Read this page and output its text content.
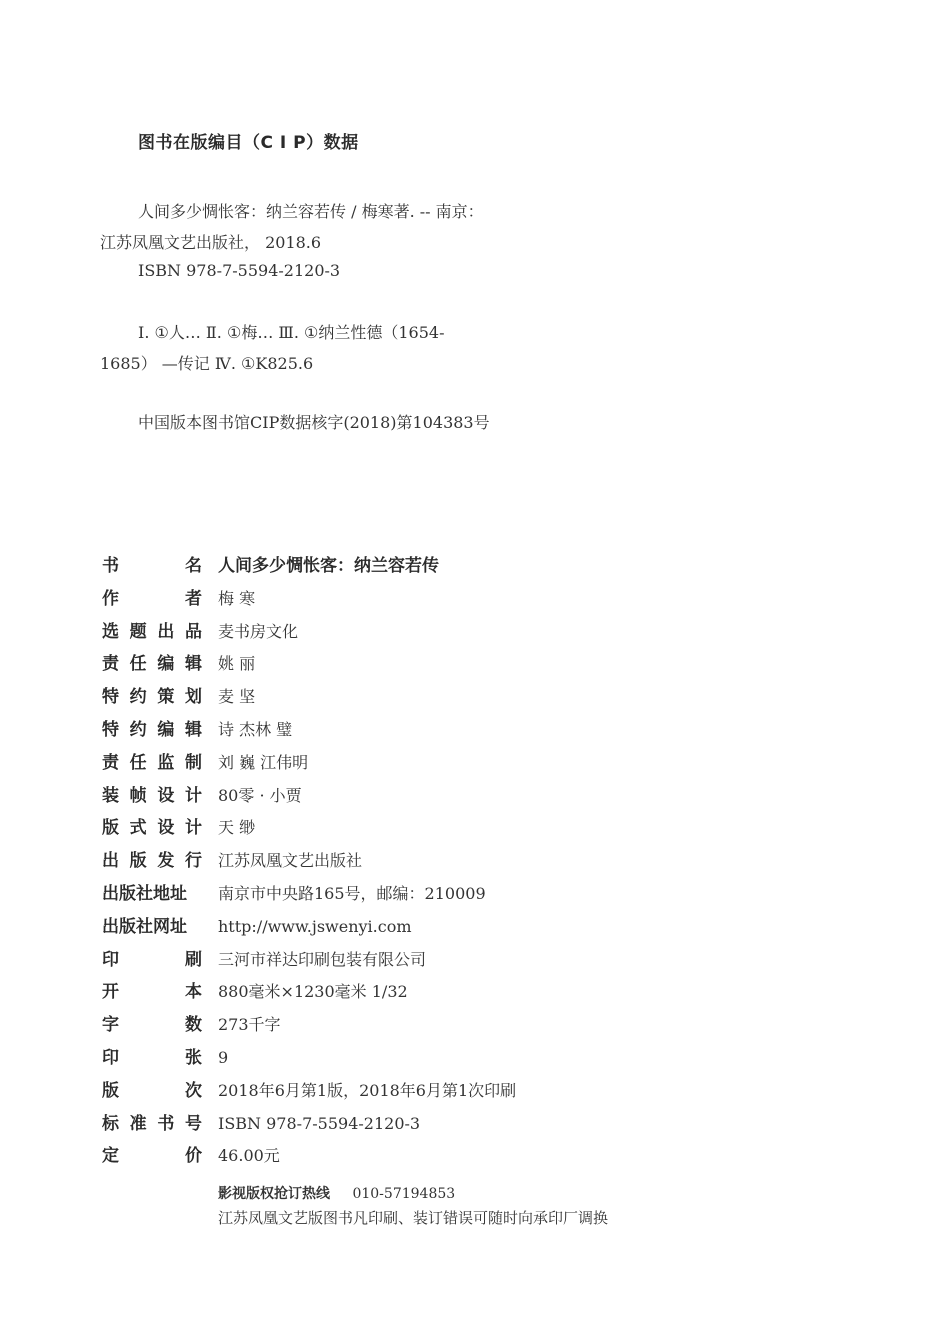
图书在版编目（C I P）数据
人间多少惆怅客：纳兰容若传 / 梅寒著. -- 南京：
江苏凤凰文艺出版社， 2018.6
ISBN 978-7-5594-2120-3
Ⅰ. ①人… Ⅱ. ①梅… Ⅲ. ①纳兰性德（1654-
1685） —传记 Ⅳ. ①K825.6
中国版本图书馆CIP数据核字(2018)第104383号
书	名 人间多少惆怅客：纳兰容若传
作	者 梅 寒
选 题 出 品 麦书房文化
责 任 编 辑 姚 丽
特 约 策 划 麦 坚
特 约 编 辑 诗 杰林 璧
责 任 监 制 刘 巍 江伟明
装 帧 设 计 80零 · 小贾
版 式 设 计 天 缈
出 版 发 行 江苏凤凰文艺出版社
出版社地址 南京市中央路165号，邮编：210009
出版社网址 http://www.jswenyi.com
印	刷 三河市祥达印刷包装有限公司
开	本 880毫米×1230毫米 1/32
字	数 273千字
印	张 9
版	次 2018年6月第1版，2018年6月第1次印刷
标 准 书 号 ISBN 978-7-5594-2120-3
定	价 46.00元
影视版权抢订热线 010-57194853
江苏凤凰文艺版图书凡印刷、装订错误可随时向承印厂调换
